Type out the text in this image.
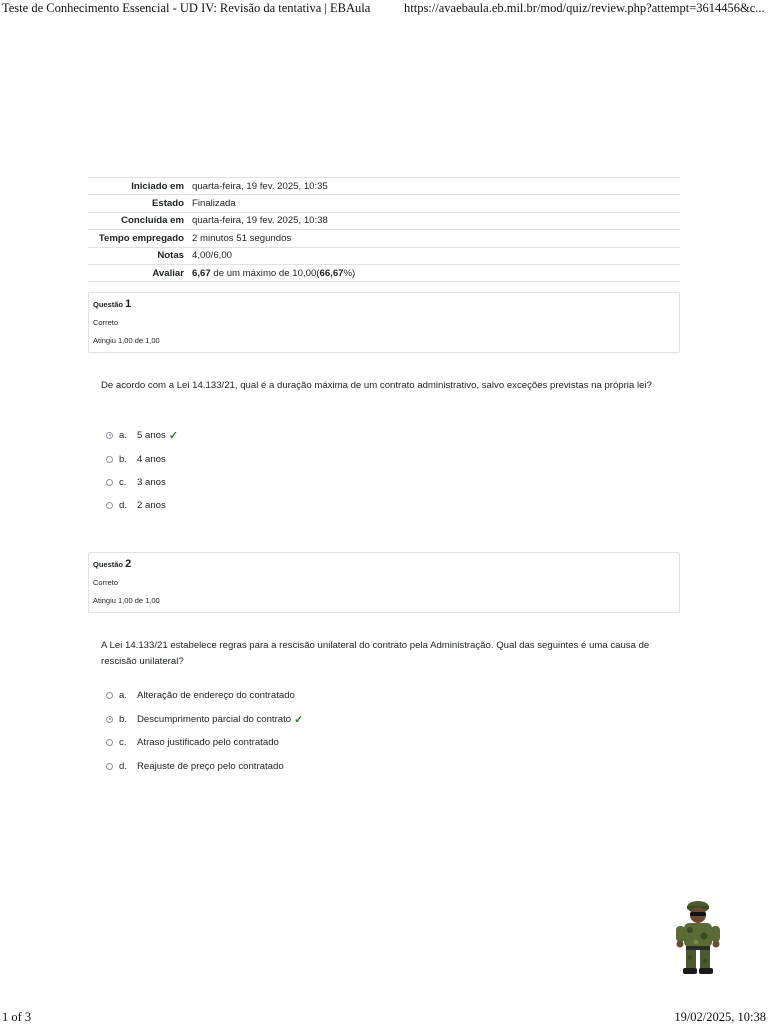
Teste de Conhecimento Essencial - UD IV: Revisão da tentativa | EBAula	https://avaebaula.eb.mil.br/mod/quiz/review.php?attempt=3614456&c...
Iniciado em	quarta-feira, 19 fev. 2025, 10:35
Estado	Finalizada
Concluída em	quarta-feira, 19 fev. 2025, 10:38
Tempo empregado	2 minutos 51 segundos
Notas	4,00/6,00
Avaliar	6,67 de um máximo de 10,00(66,67%)
Questão 1
Correto
Atingiu 1,00 de 1,00
De acordo com a Lei 14.133/21, qual é a duração máxima de um contrato administrativo, salvo exceções previstas na própria lei?
a.	5 anos ✓
b.	4 anos
c.	3 anos
d.	2 anos
Questão 2
Correto
Atingiu 1,00 de 1,00
A Lei 14.133/21 estabelece regras para a rescisão unilateral do contrato pela Administração. Qual das seguintes é uma causa de rescisão unilateral?
a.	Alteração de endereço do contratado
b.	Descumprimento parcial do contrato ✓
c.	Atraso justificado pelo contratado
d.	Reajuste de preço pelo contratado
1 of 3	19/02/2025, 10:38
